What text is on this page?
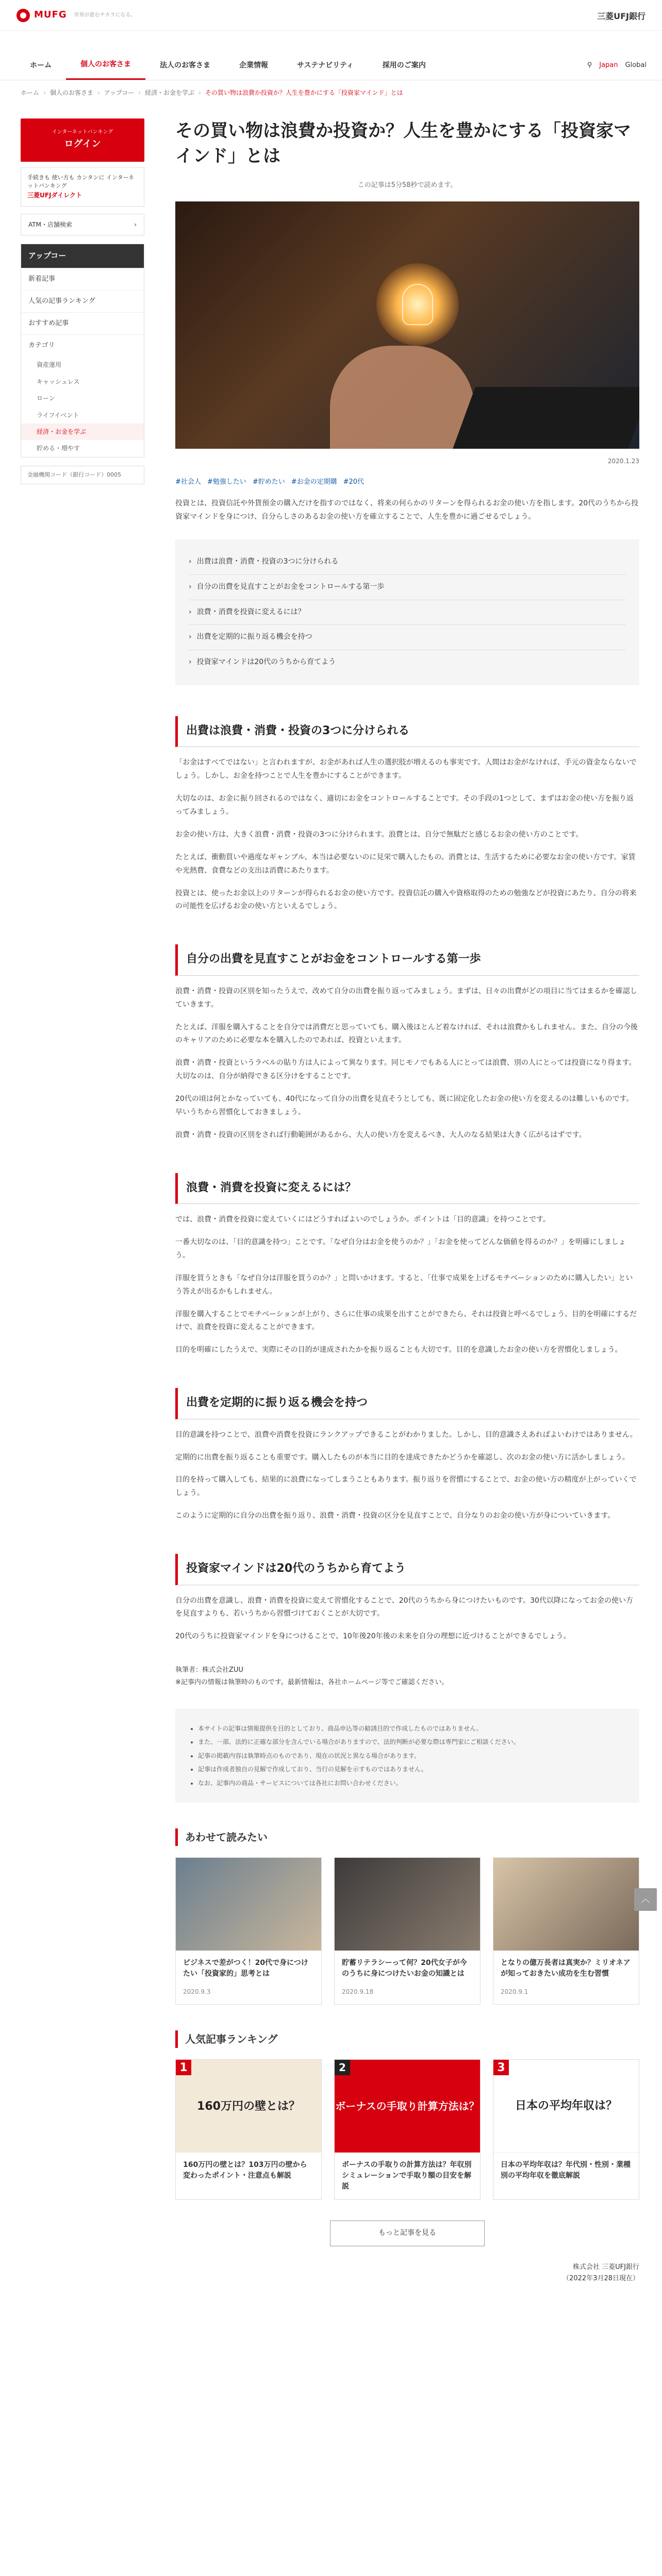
MUFG 世界が進むチカラになる。	三菱UFJ銀行
ホーム	個人のお客さま	法人のお客さま	企業情報	サステナビリティ	採用のご案内	⚲ Japan Global
ホーム › 個人のお客さま › アップコー › 経済・お金を学ぶ › その買い物は浪費か投資か？人生を豊かにする「投資家マインド」とは
インターネットバンキング
ログイン
手続きも 使い方も カンタンに インターネットバンキング
三菱UFJダイレクト
ATM・店舗検索	›
アップコー
新着記事
人気の記事ランキング
おすすめ記事
カテゴリ
資産運用
キャッシュレス
ローン
ライフイベント
経済・お金を学ぶ
貯める・増やす
金融機関コード（銀行コード）0005
その買い物は浪費か投資か？人生を豊かにする「投資家マインド」とは
この記事は5分58秒で読めます。
2020.1.23
#社会人 #勉強したい #貯めたい #お金の定期購 #20代

投資とは、投資信託や外貨預金の購入だけを指すのではなく、将来の何らかのリターンを得られるお金の使い方を指します。20代のうちから投資家マインドを身につけ、自分らしさのあるお金の使い方を確立することで、人生を豊かに過ごせるでしょう。

› 出費は浪費・消費・投資の3つに分けられる
› 自分の出費を見直すことがお金をコントロールする第一歩
› 浪費・消費を投資に変えるには？
› 出費を定期的に振り返る機会を持つ
› 投資家マインドは20代のうちから育てよう
出費は浪費・消費・投資の3つに分けられる

「お金はすべてではない」と言われますが、お金があれば人生の選択肢が増えるのも事実です。人間はお金がなければ、手元の資金ならないでしょう。しかし、お金を持つことで人生を豊かにすることができます。

大切なのは、お金に振り回されるのではなく、適切にお金をコントロールすることです。その手段の1つとして、まずはお金の使い方を振り返ってみましょう。

お金の使い方は、大きく浪費・消費・投資の3つに分けられます。浪費とは、自分で無駄だと感じるお金の使い方のことです。

たとえば、衝動買いや過度なギャンブル、本当は必要ないのに見栄で購入したもの。消費とは、生活するために必要なお金の使い方です。家賃や光熱費、食費などの支出は消費にあたります。

投資とは、使ったお金以上のリターンが得られるお金の使い方です。投資信託の購入や資格取得のための勉強などが投資にあたり、自分の将来の可能性を広げるお金の使い方といえるでしょう。

自分の出費を見直すことがお金をコントロールする第一歩

浪費・消費・投資の区別を知ったうえで、改めて自分の出費を振り返ってみましょう。まずは、日々の出費がどの項目に当てはまるかを確認していきます。

たとえば、洋服を購入することを自分では消費だと思っていても、購入後ほとんど着なければ、それは浪費かもしれません。また、自分の今後のキャリアのために必要な本を購入したのであれば、投資といえます。

浪費・消費・投資というラベルの貼り方は人によって異なります。同じモノでもある人にとっては浪費、別の人にとっては投資になり得ます。大切なのは、自分が納得できる区分けをすることです。

20代の頃は何とかなっていても、40代になって自分の出費を見直そうとしても、既に固定化したお金の使い方を変えるのは難しいものです。早いうちから習慣化しておきましょう。

浪費・消費・投資の区別をされば行動範囲があるから、大人の使い方を変えるべき、大人のなる結果は大きく広がるはずです。

浪費・消費を投資に変えるには？

では、浪費・消費を投資に変えていくにはどうすればよいのでしょうか。ポイントは「目的意識」を持つことです。

一番大切なのは、「目的意識を持つ」ことです。「なぜ自分はお金を使うのか？」「お金を使ってどんな価値を得るのか？」を明確にしましょう。

洋服を買うときも「なぜ自分は洋服を買うのか？」と問いかけます。すると、「仕事で成果を上げるモチベーションのために購入したい」という答えが出るかもしれません。

洋服を購入することでモチベーションが上がり、さらに仕事の成果を出すことができたら、それは投資と呼べるでしょう。目的を明確にするだけで、浪費を投資に変えることができます。

目的を明確にしたうえで、実際にその目的が達成されたかを振り返ることも大切です。目的を意識したお金の使い方を習慣化しましょう。

出費を定期的に振り返る機会を持つ

目的意識を持つことで、浪費や消費を投資にランクアップできることがわかりました。しかし、目的意識さえあればよいわけではありません。

定期的に出費を振り返ることも重要です。購入したものが本当に目的を達成できたかどうかを確認し、次のお金の使い方に活かしましょう。

目的を持って購入しても、結果的に浪費になってしまうこともあります。振り返りを習慣にすることで、お金の使い方の精度が上がっていくでしょう。

このように定期的に自分の出費を振り返り、浪費・消費・投資の区分を見直すことで、自分なりのお金の使い方が身についていきます。

投資家マインドは20代のうちから育てよう

自分の出費を意識し、浪費・消費を投資に変えて習慣化することで、20代のうちから身につけたいものです。30代以降になってお金の使い方を見直すよりも、若いうちから習慣づけておくことが大切です。

20代のうちに投資家マインドを身につけることで、10年後20年後の未来を自分の理想に近づけることができるでしょう。

執筆者：株式会社ZUU
※記事内の情報は執筆時のものです。最新情報は、各社ホームページ等でご確認ください。
• 本サイトの記事は情報提供を目的としており、商品申込等の勧誘目的で作成したものではありません。
• また、一部、法的に正確な部分を含んでいる場合がありますので、法的判断が必要な際は専門家にご相談ください。
• 記事の掲載内容は執筆時点のものであり、現在の状況と異なる場合があります。
• 記事は作成者独自の見解で作成しており、当行の見解を示すものではありません。
• なお、記事内の商品・サービスについては各社にお問い合わせください。
あわせて読みたい
ビジネスで差がつく！20代で身につけたい「投資家的」思考とは
2020.9.3
貯蓄リテラシーって何？20代女子が今のうちに身につけたいお金の知識とは
2020.9.18
となりの億万長者は真実か？ミリオネアが知っておきたい成功を生む習慣
2020.9.1
人気記事ランキング
1
160万円の壁とは？
160万円の壁とは？103万円の壁から変わったポイント・注意点も解説
2
ボーナスの手取り計算方法は？
ボーナスの手取りの計算方法は？年収別シミュレーションで手取り額の目安を解説
3
日本の平均年収は？
日本の平均年収は？年代別・性別・業種別の平均年収を徹底解説
もっと記事を見る
株式会社 三菱UFJ銀行
（2022年3月28日現在）
︿
